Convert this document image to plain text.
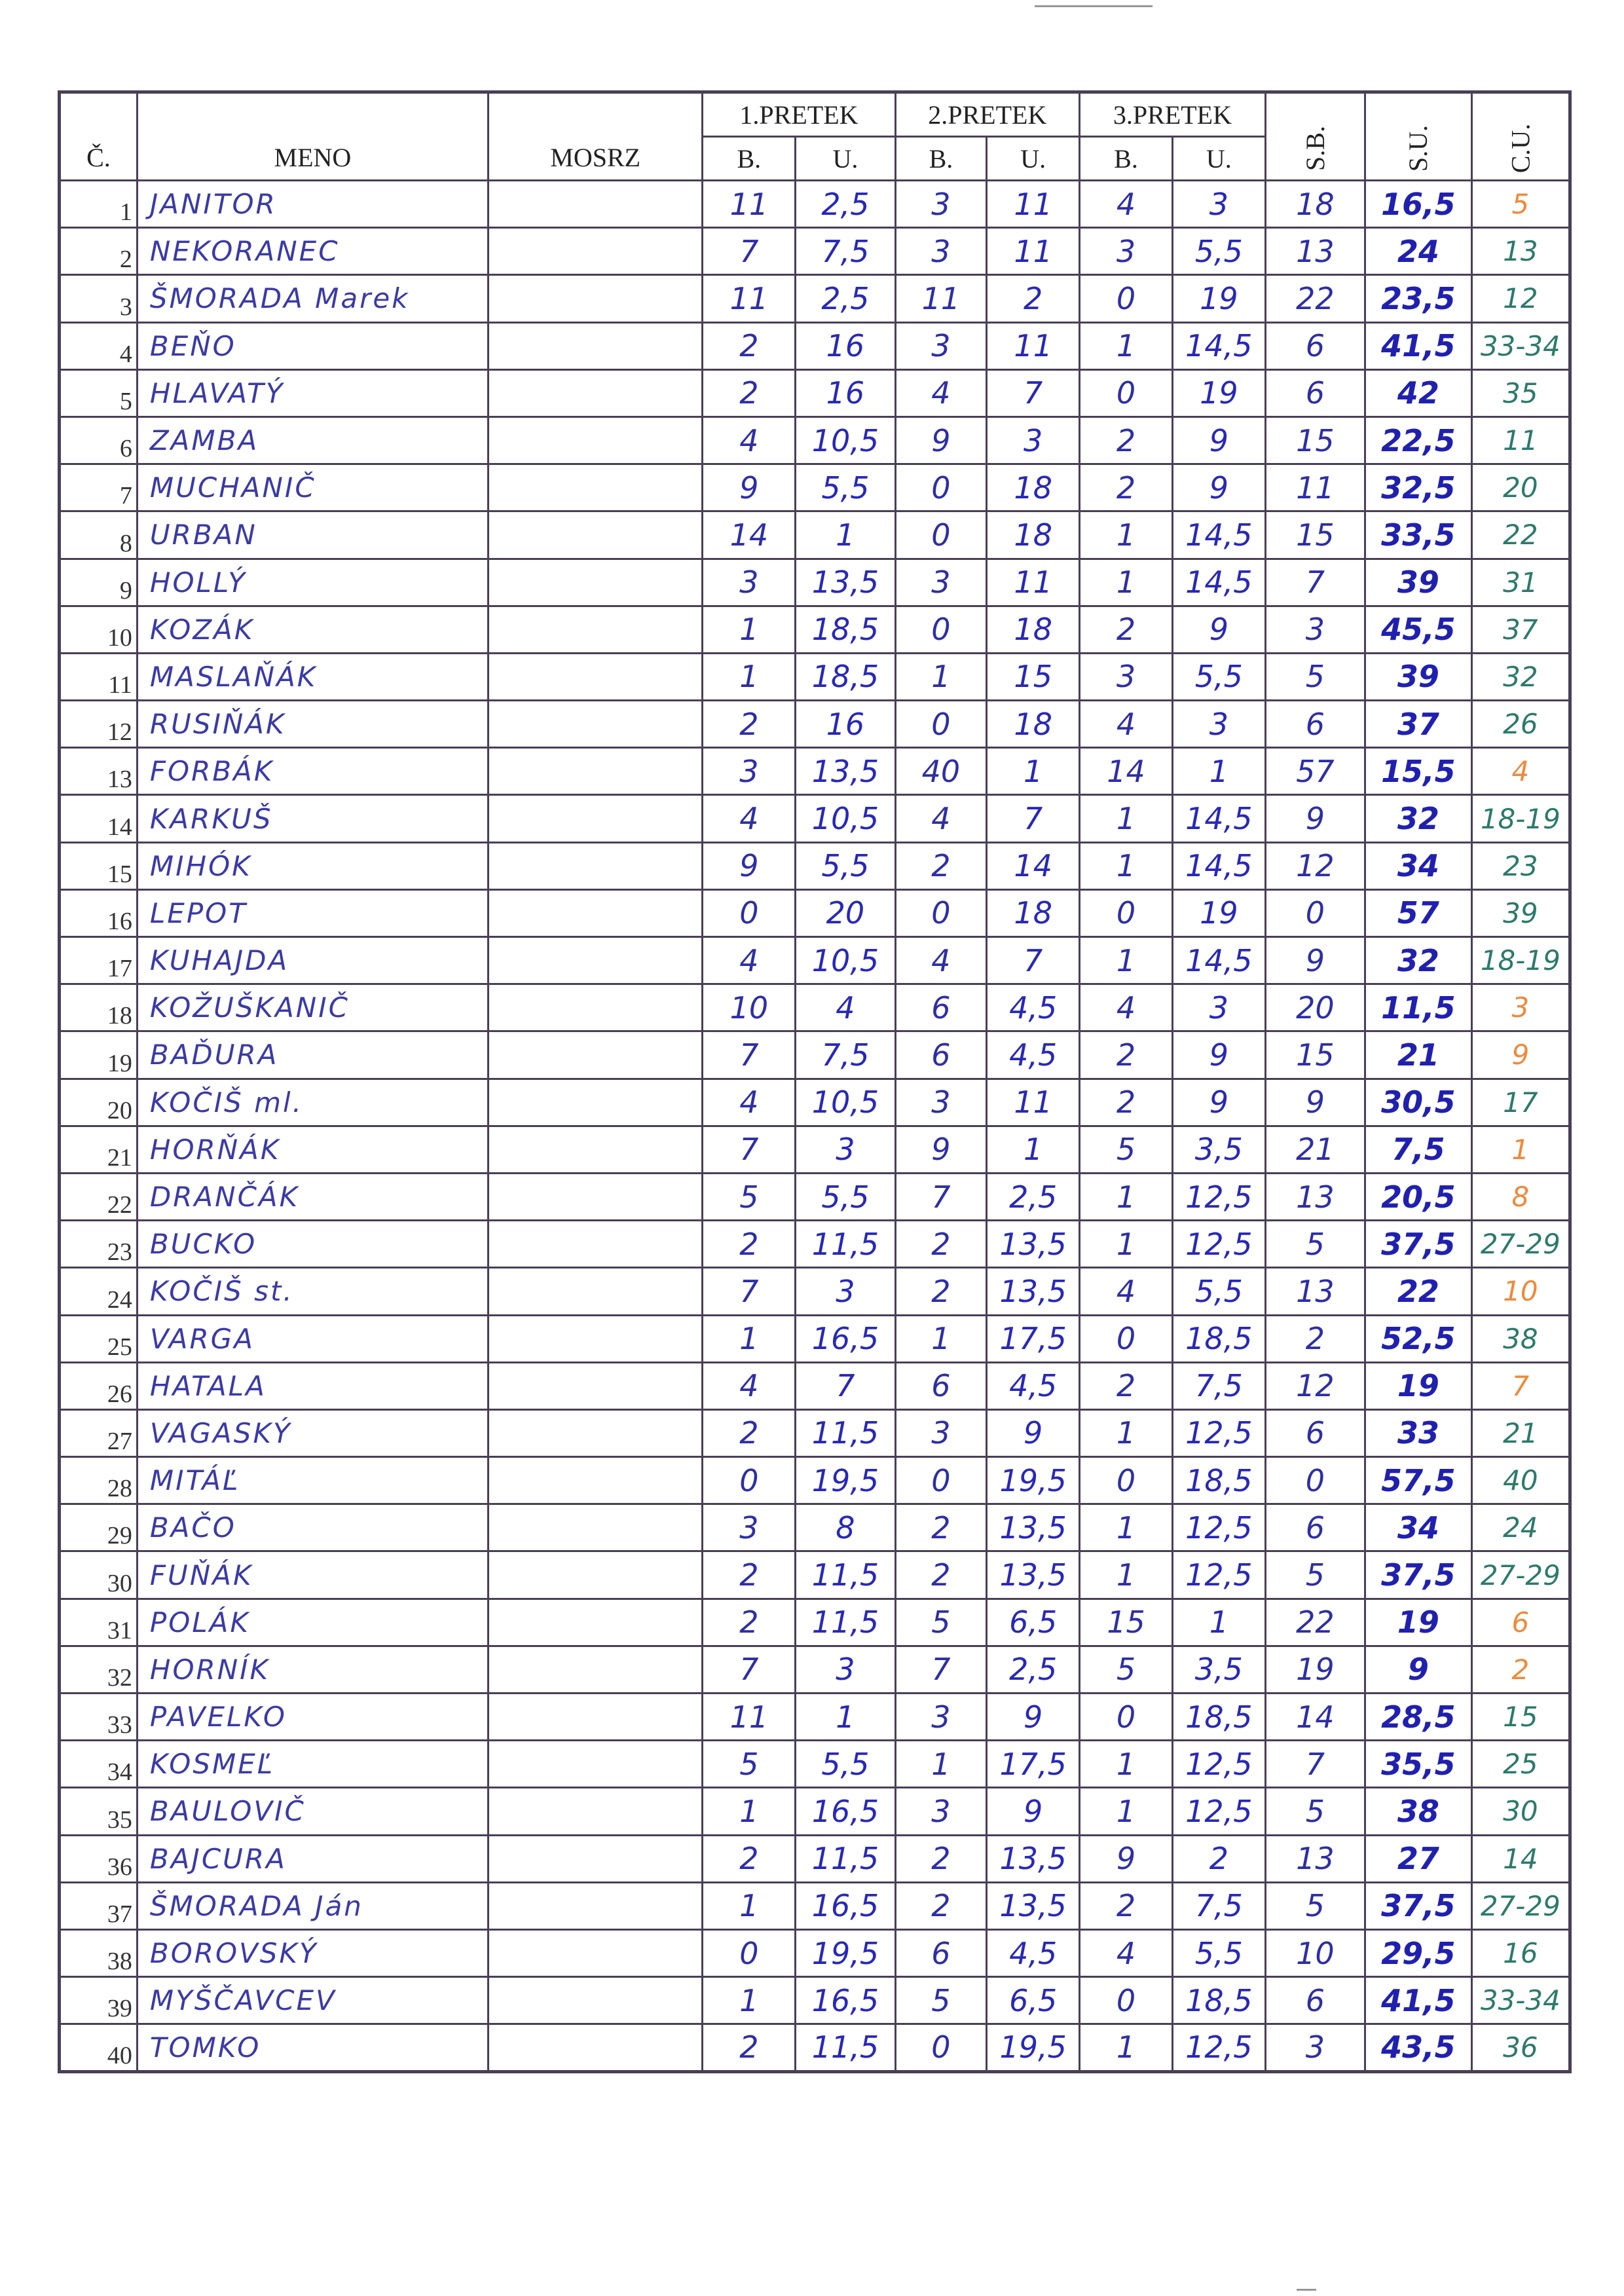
Č.	MENO	MOSRZ	1.PRETEK		2.PRETEK		3.PRETEK		S.B.	S.U.	C.U.
			B.	U.	B.	U.	B.	U.			
1	JANITOR		11	2,5	3	11	4	3	18	16,5	5
2	NEKORANEC		7	7,5	3	11	3	5,5	13	24	13
3	ŠMORADA Marek		11	2,5	11	2	0	19	22	23,5	12
4	BEŇO		2	16	3	11	1	14,5	6	41,5	33-34
5	HLAVATÝ		2	16	4	7	0	19	6	42	35
6	ZAMBA		4	10,5	9	3	2	9	15	22,5	11
7	MUCHANIČ		9	5,5	0	18	2	9	11	32,5	20
8	URBAN		14	1	0	18	1	14,5	15	33,5	22
9	HOLLÝ		3	13,5	3	11	1	14,5	7	39	31
10	KOZÁK		1	18,5	0	18	2	9	3	45,5	37
11	MASLAŇÁK		1	18,5	1	15	3	5,5	5	39	32
12	RUSIŇÁK		2	16	0	18	4	3	6	37	26
13	FORBÁK		3	13,5	40	1	14	1	57	15,5	4
14	KARKUŠ		4	10,5	4	7	1	14,5	9	32	18-19
15	MIHÓK		9	5,5	2	14	1	14,5	12	34	23
16	LEPOT		0	20	0	18	0	19	0	57	39
17	KUHAJDA		4	10,5	4	7	1	14,5	9	32	18-19
18	KOŽUŠKANIČ		10	4	6	4,5	4	3	20	11,5	3
19	BAĎURA		7	7,5	6	4,5	2	9	15	21	9
20	KOČIŠ ml.		4	10,5	3	11	2	9	9	30,5	17
21	HORŇÁK		7	3	9	1	5	3,5	21	7,5	1
22	DRANČÁK		5	5,5	7	2,5	1	12,5	13	20,5	8
23	BUCKO		2	11,5	2	13,5	1	12,5	5	37,5	27-29
24	KOČIŠ st.		7	3	2	13,5	4	5,5	13	22	10
25	VARGA		1	16,5	1	17,5	0	18,5	2	52,5	38
26	HATALA		4	7	6	4,5	2	7,5	12	19	7
27	VAGASKÝ		2	11,5	3	9	1	12,5	6	33	21
28	MITÁĽ		0	19,5	0	19,5	0	18,5	0	57,5	40
29	BAČO		3	8	2	13,5	1	12,5	6	34	24
30	FUŇÁK		2	11,5	2	13,5	1	12,5	5	37,5	27-29
31	POLÁK		2	11,5	5	6,5	15	1	22	19	6
32	HORNÍK		7	3	7	2,5	5	3,5	19	9	2
33	PAVELKO		11	1	3	9	0	18,5	14	28,5	15
34	KOSMEĽ		5	5,5	1	17,5	1	12,5	7	35,5	25
35	BAULOVIČ		1	16,5	3	9	1	12,5	5	38	30
36	BAJCURA		2	11,5	2	13,5	9	2	13	27	14
37	ŠMORADA Ján		1	16,5	2	13,5	2	7,5	5	37,5	27-29
38	BOROVSKÝ		0	19,5	6	4,5	4	5,5	10	29,5	16
39	MYŠČAVCEV		1	16,5	5	6,5	0	18,5	6	41,5	33-34
40	TOMKO		2	11,5	0	19,5	1	12,5	3	43,5	36
